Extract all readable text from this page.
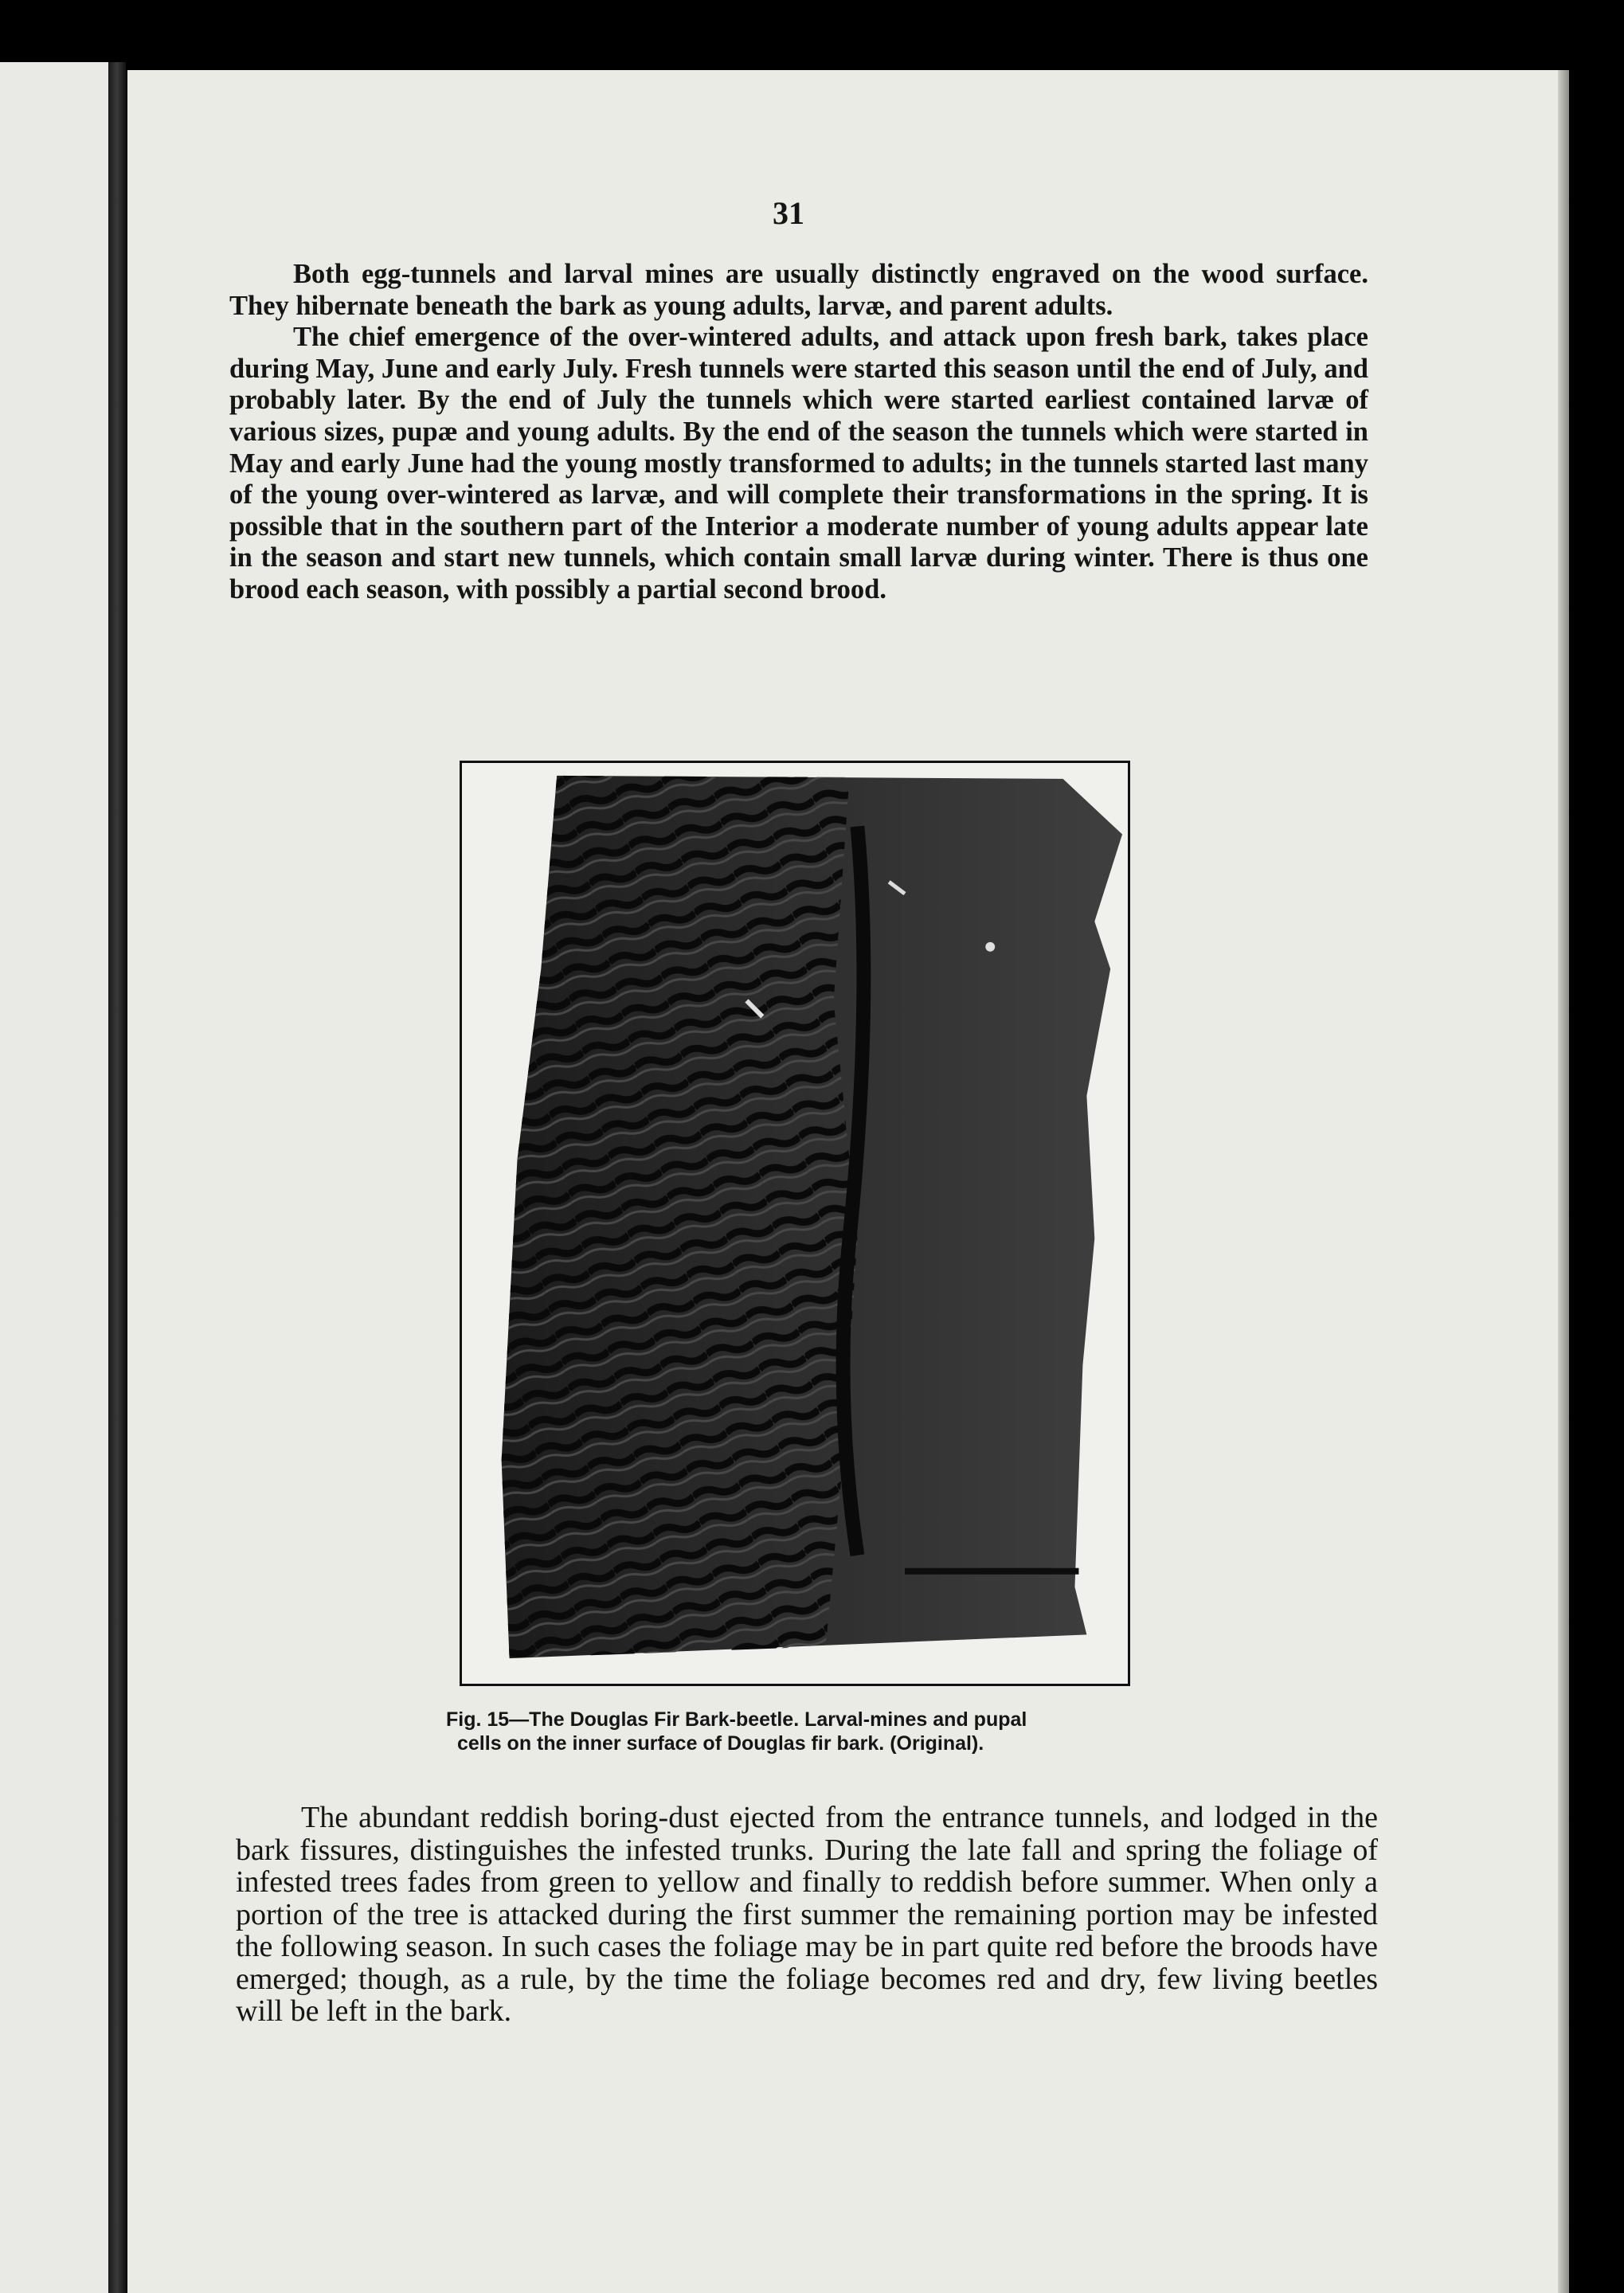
31

Both egg-tunnels and larval mines are usually distinctly engraved on the wood surface. They hibernate beneath the bark as young adults, larvæ, and parent adults.

The chief emergence of the over-wintered adults, and attack upon fresh bark, takes place during May, June and early July. Fresh tunnels were started this season until the end of July, and probably later. By the end of July the tunnels which were started earliest contained larvæ of various sizes, pupæ and young adults. By the end of the season the tunnels which were started in May and early June had the young mostly transformed to adults; in the tunnels started last many of the young over-wintered as larvæ, and will complete their transformations in the spring. It is possible that in the southern part of the Interior a moderate number of young adults appear late in the season and start new tunnels, which contain small larvæ during winter. There is thus one brood each season, with possibly a partial second brood.

Fig. 15—The Douglas Fir Bark-beetle. Larval-mines and pupal

cells on the inner surface of Douglas fir bark. (Original).

The abundant reddish boring-dust ejected from the entrance tunnels, and lodged in the bark fissures, distinguishes the infested trunks. During the late fall and spring the foliage of infested trees fades from green to yellow and finally to reddish before summer. When only a portion of the tree is attacked during the first summer the remaining portion may be infested the following season. In such cases the foliage may be in part quite red before the broods have emerged; though, as a rule, by the time the foliage becomes red and dry, few living beetles will be left in the bark.
